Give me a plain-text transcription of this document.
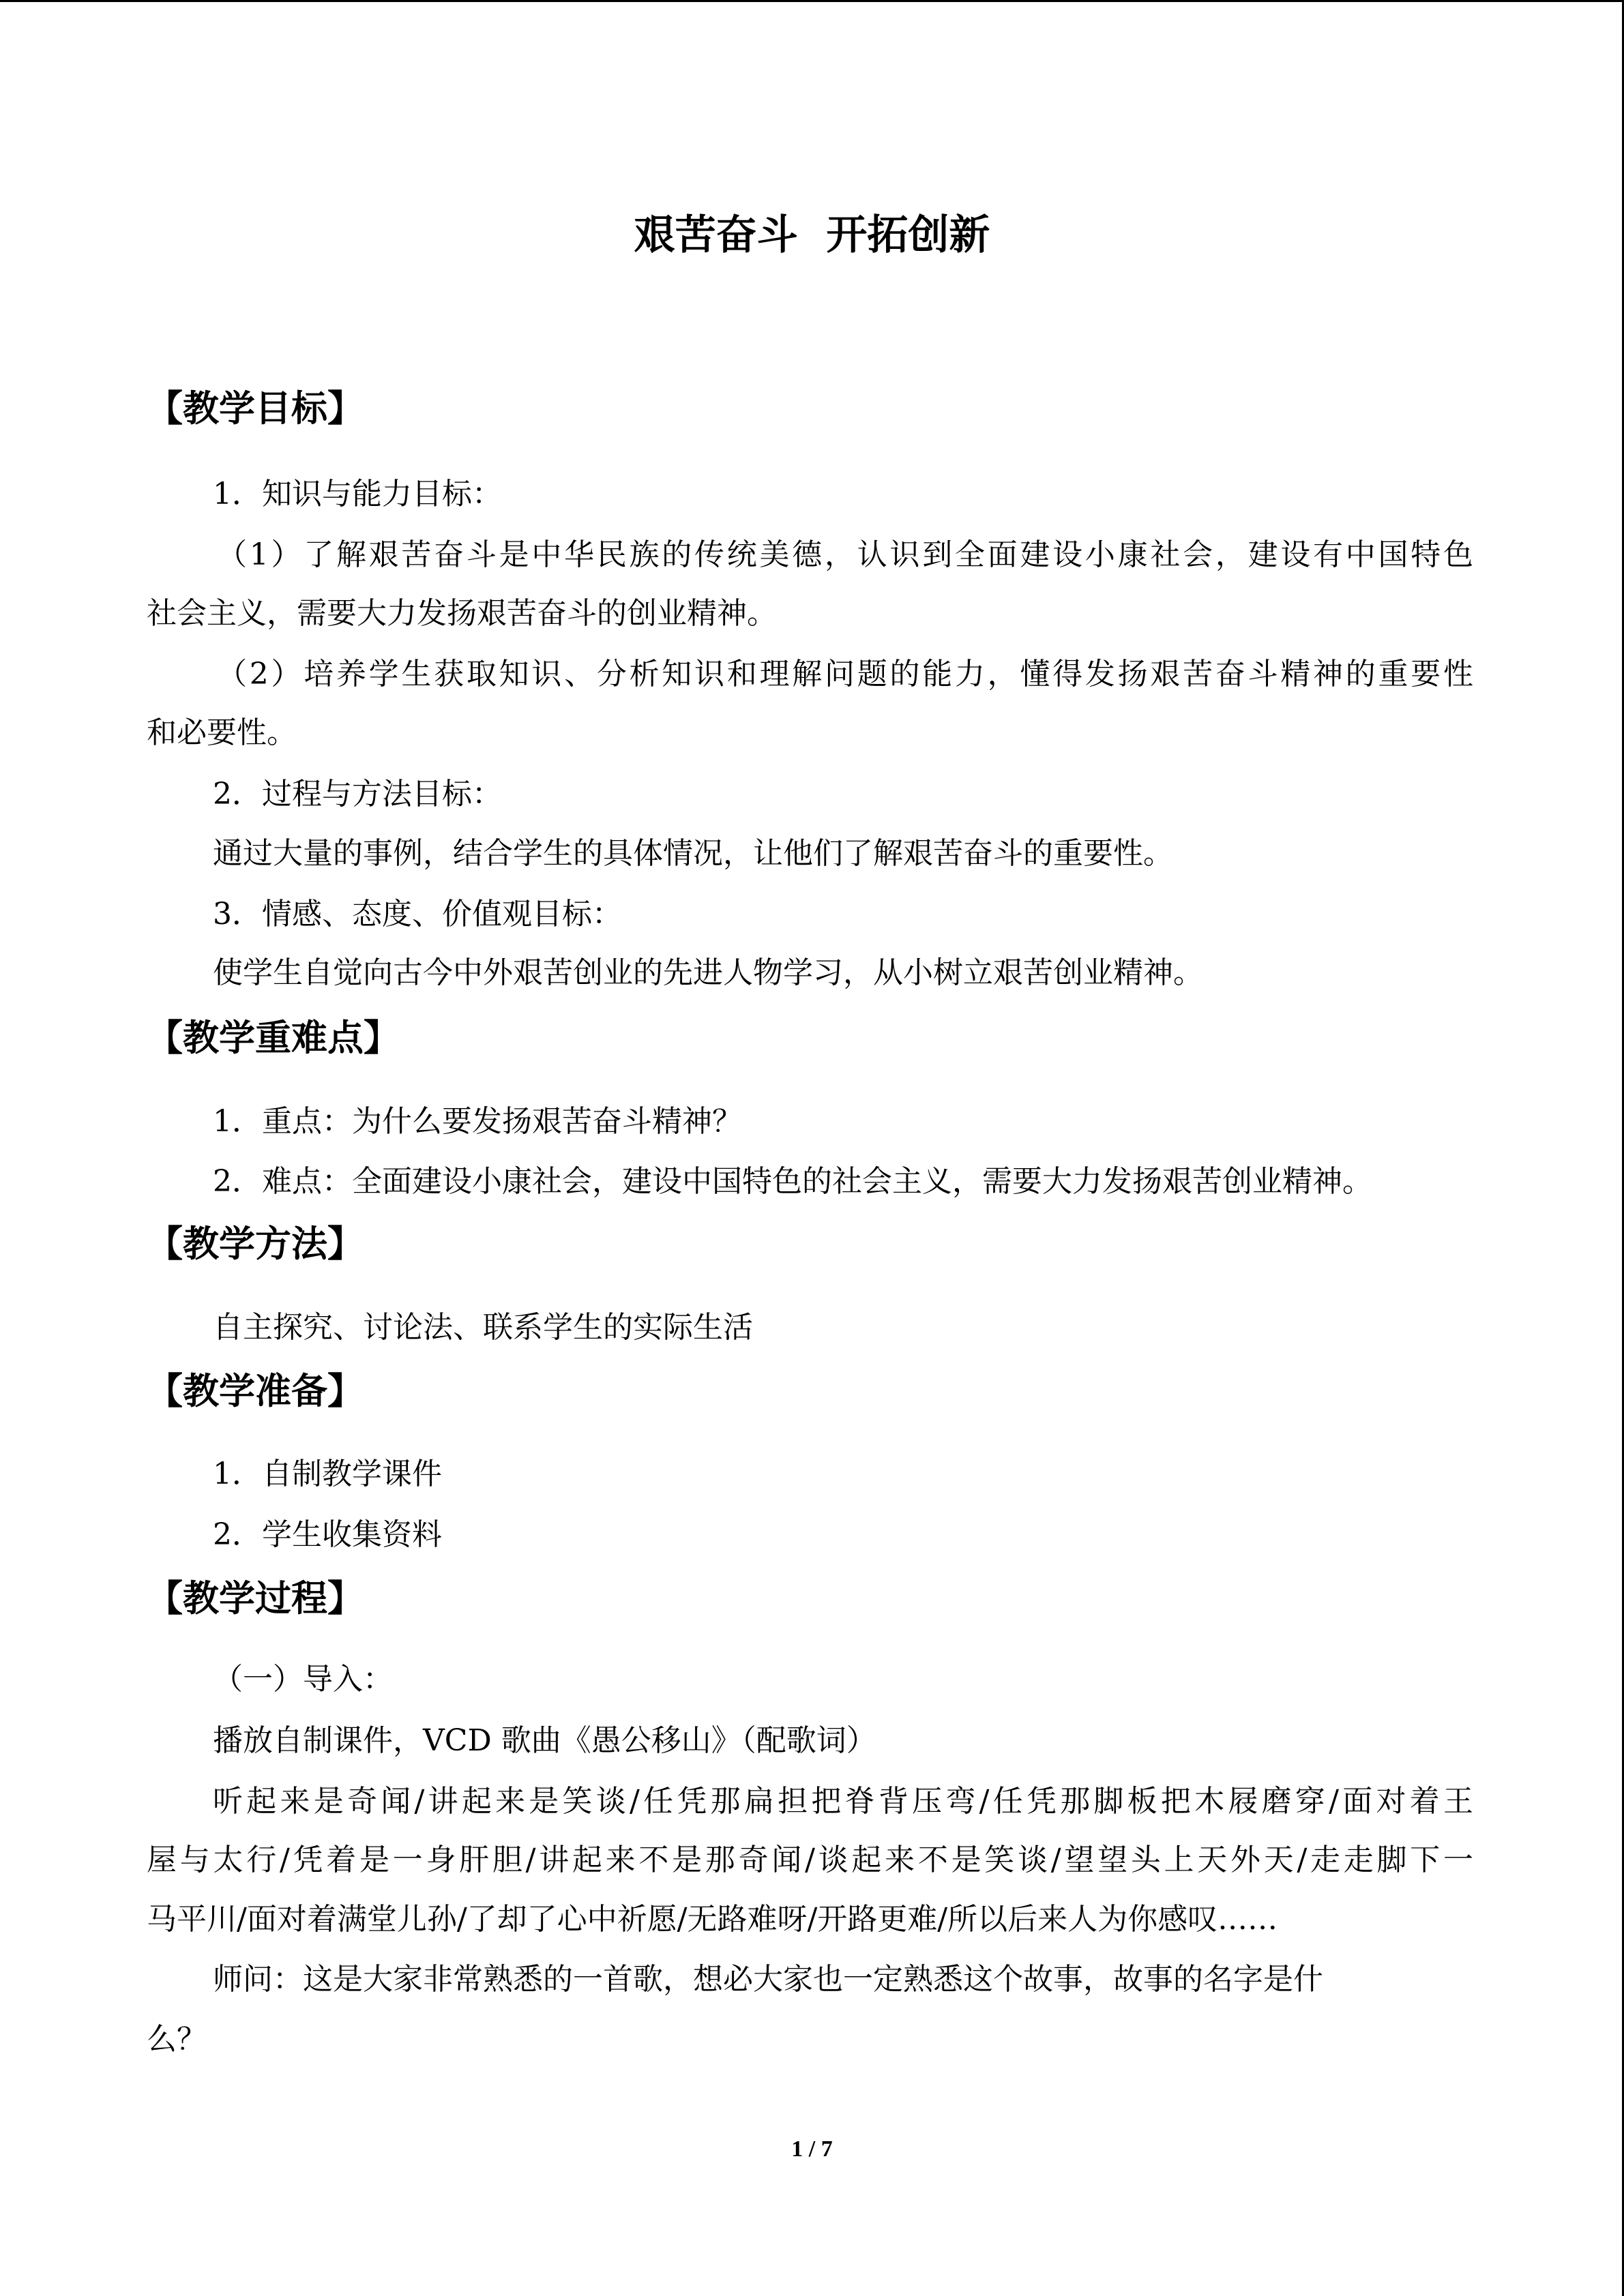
艰苦奋斗  开拓创新
【教学目标】
1．知识与能力目标：
（1）了解艰苦奋斗是中华民族的传统美德，认识到全面建设小康社会，建设有中国特色
社会主义，需要大力发扬艰苦奋斗的创业精神。
（2）培养学生获取知识、分析知识和理解问题的能力，懂得发扬艰苦奋斗精神的重要性
和必要性。
2．过程与方法目标：
通过大量的事例，结合学生的具体情况，让他们了解艰苦奋斗的重要性。
3．情感、态度、价值观目标：
使学生自觉向古今中外艰苦创业的先进人物学习，从小树立艰苦创业精神。
【教学重难点】
1．重点：为什么要发扬艰苦奋斗精神？
2．难点：全面建设小康社会，建设中国特色的社会主义，需要大力发扬艰苦创业精神。
【教学方法】
自主探究、讨论法、联系学生的实际生活
【教学准备】
1．自制教学课件
2．学生收集资料
【教学过程】
（一）导入：
播放自制课件，VCD 歌曲《愚公移山》（配歌词）
听起来是奇闻/讲起来是笑谈/任凭那扁担把脊背压弯/任凭那脚板把木屐磨穿/面对着王
屋与太行/凭着是一身肝胆/讲起来不是那奇闻/谈起来不是笑谈/望望头上天外天/走走脚下一
马平川/面对着满堂儿孙/了却了心中祈愿/无路难呀/开路更难/所以后来人为你感叹……
师问：这是大家非常熟悉的一首歌，想必大家也一定熟悉这个故事，故事的名字是什
么？
1 / 7
